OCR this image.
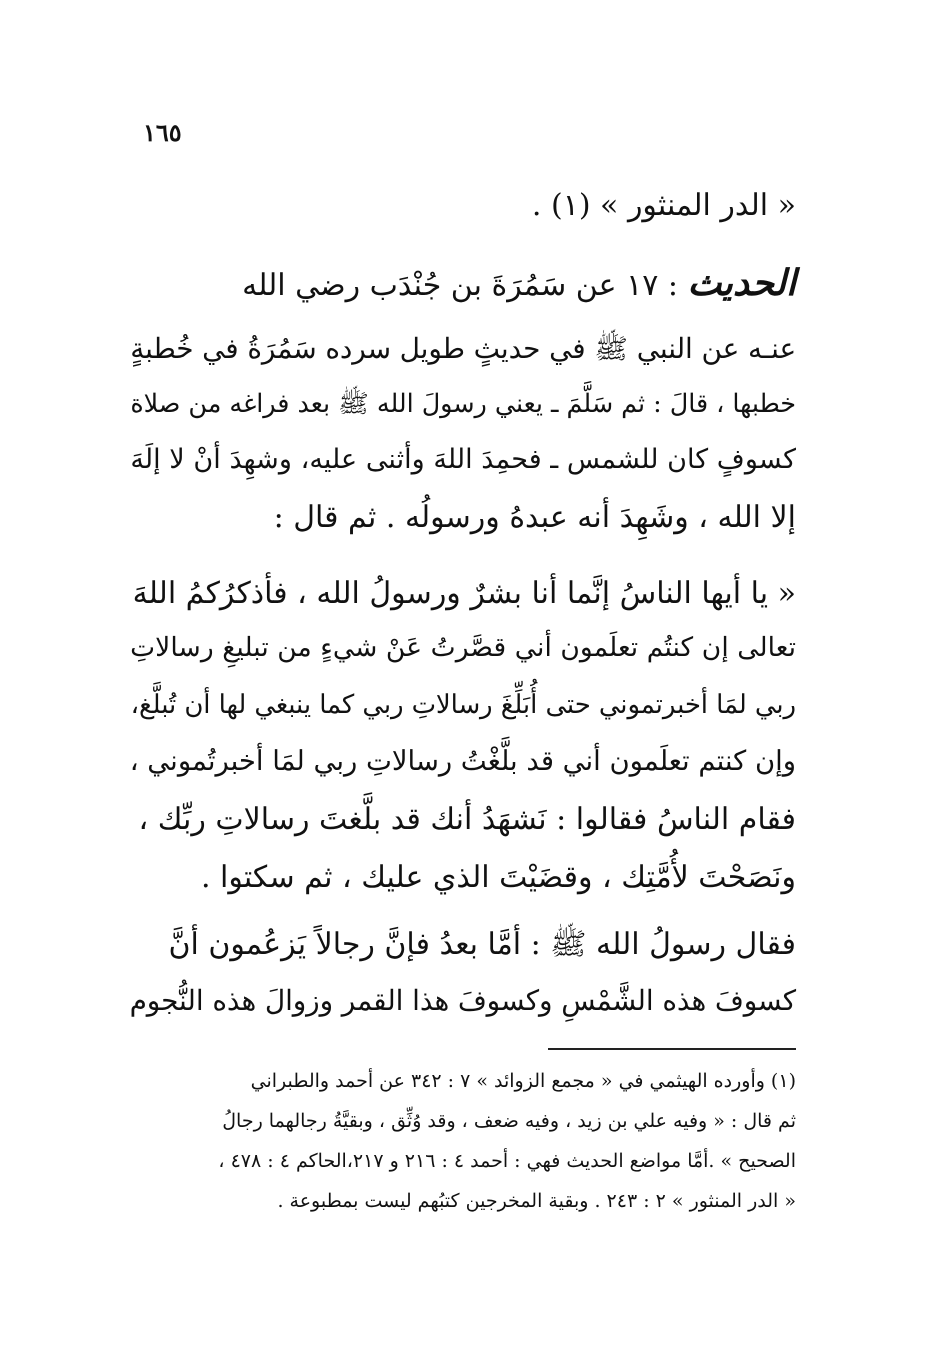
١٦٥
« الدر المنثور » (١) .
الحديث : ١٧ عن سَمُرَةَ بن جُنْدَب رضي الله
عنـه عن النبي ﷺ في حديثٍ طويل سرده سَمُرَةُ في خُطبةٍ
خطبها ، قالَ : ثم سَلَّمَ ـ يعني رسولَ الله ﷺ بعد فراغه من صلاة
كسوفٍ كان للشمس ـ فحمِدَ اللهَ وأثنى عليه، وشهِدَ أنْ لا إلَهَ
إلا الله ، وشَهِدَ أنه عبدهُ ورسولُه . ثم قال :
« يا أيها الناسُ إنَّما أنا بشرٌ ورسولُ الله ، فأذكرُكمُ اللهَ
تعالى إن كنتُم تعلَمون أني قصَّرتُ عَنْ شيءٍ من تبليغِ رسالاتِ
ربي لمَا أخبرتموني حتى أُبَلِّغَ رسالاتِ ربي كما ينبغي لها أن تُبلَّغ،
وإن كنتم تعلَمون أني قد بلَّغْتُ رسالاتِ ربي لمَا أخبرتُموني ،
فقام الناسُ فقالوا : نَشهَدُ أنك قد بلَّغتَ رسالاتِ ربِّك ،
ونَصَحْتَ لأُمَّتِك ، وقضَيْتَ الذي عليك ، ثم سكتوا .
فقال رسولُ الله ﷺ : أمَّا بعدُ فإنَّ رجالاً يَزعُمون أنَّ
كسوفَ هذه الشَّمْسِ وكسوفَ هذا القمر وزوالَ هذه النُّجوم
(١) وأورده الهيثمي في « مجمع الزوائد » ٧ : ٣٤٢ عن أحمد والطبراني
ثم قال : « وفيه علي بن زيد ، وفيه ضعف ، وقد وُثِّق ، وبقيَّةُ رجالهما رجالُ
الصحيح » .أمَّا مواضع الحديث فهي : أحمد ٤ : ٢١٦ و ٢١٧،الحاكم ٤ : ٤٧٨ ،
« الدر المنثور » ٢ : ٢٤٣ . وبقية المخرجين كتبُهم ليست بمطبوعة .
